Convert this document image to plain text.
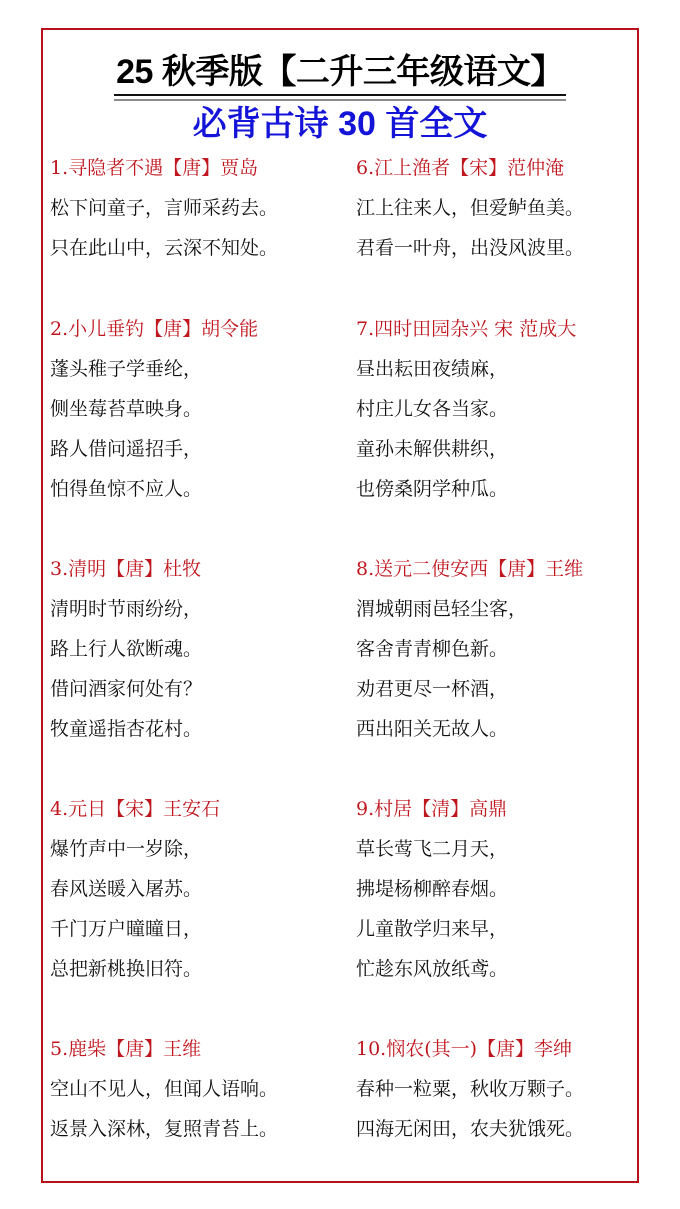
25 秋季版【二升三年级语文】
必背古诗 30 首全文
1.寻隐者不遇【唐】贾岛
松下问童子，言师采药去。
只在此山中，云深不知处。
2.小儿垂钓【唐】胡令能
蓬头稚子学垂纶，
侧坐莓苔草映身。
路人借问遥招手，
怕得鱼惊不应人。
3.清明【唐】杜牧
清明时节雨纷纷，
路上行人欲断魂。
借问酒家何处有？
牧童遥指杏花村。
4.元日【宋】王安石
爆竹声中一岁除，
春风送暖入屠苏。
千门万户曈曈日，
总把新桃换旧符。
5.鹿柴【唐】王维
空山不见人，但闻人语响。
返景入深林，复照青苔上。
6.江上渔者【宋】范仲淹
江上往来人，但爱鲈鱼美。
君看一叶舟，出没风波里。
7.四时田园杂兴 宋 范成大
昼出耘田夜绩麻，
村庄儿女各当家。
童孙未解供耕织，
也傍桑阴学种瓜。
8.送元二使安西【唐】王维
渭城朝雨邑轻尘客，
客舍青青柳色新。
劝君更尽一杯酒，
西出阳关无故人。
9.村居【清】高鼎
草长莺飞二月天，
拂堤杨柳醉春烟。
儿童散学归来早，
忙趁东风放纸鸢。
10.悯农(其一)【唐】李绅
春种一粒粟，秋收万颗子。
四海无闲田，农夫犹饿死。
